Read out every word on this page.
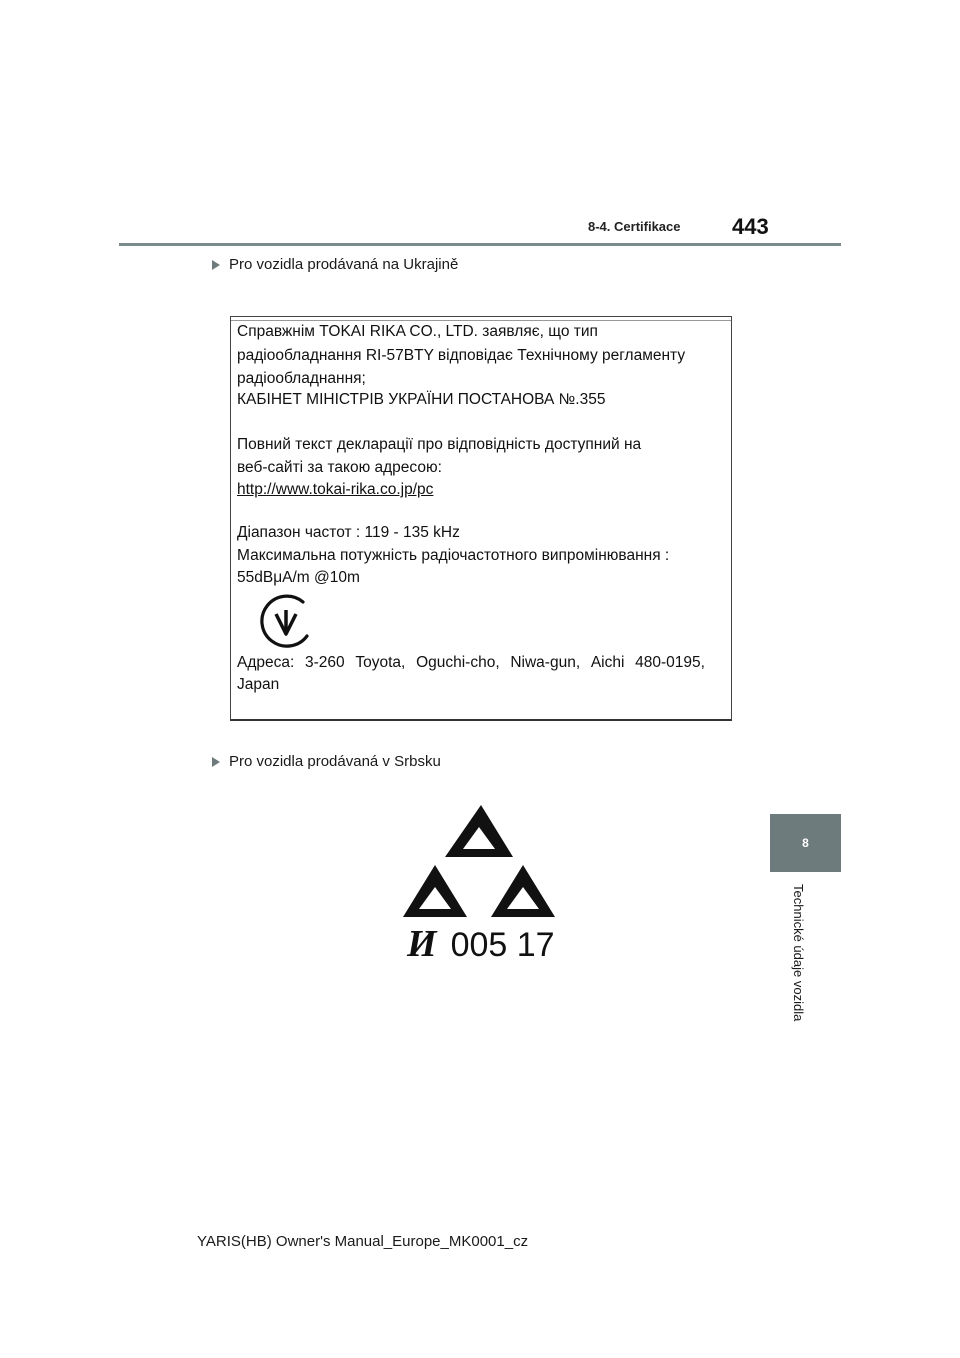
8-4. Certifikace 443
Pro vozidla prodávaná na Ukrajině
Справжнім TOKAI RIKA CO., LTD. заявляє, що тип
радіообладнання RI-57BTY відповідає Технічному регламенту
радіообладнання;
КАБІНЕТ МІНІСТРІВ УКРАЇНИ ПОСТАНОВА №.355
Повний текст декларації про відповідність доступний на
веб-сайті за такою адресою:
http://www.tokai-rika.co.jp/pc
Діапазон частот : 119 - 135 kHz
Максимальна потужність радіочастотного випромінювання :
55dBμA/m @10m
Адреса: 3-260 Toyota, Oguchi-cho, Niwa-gun, Aichi 480-0195,
Japan
Pro vozidla prodávaná v Srbsku
И 005 17
8
Technické údaje vozidla
YARIS(HB) Owner's Manual_Europe_MK0001_cz
